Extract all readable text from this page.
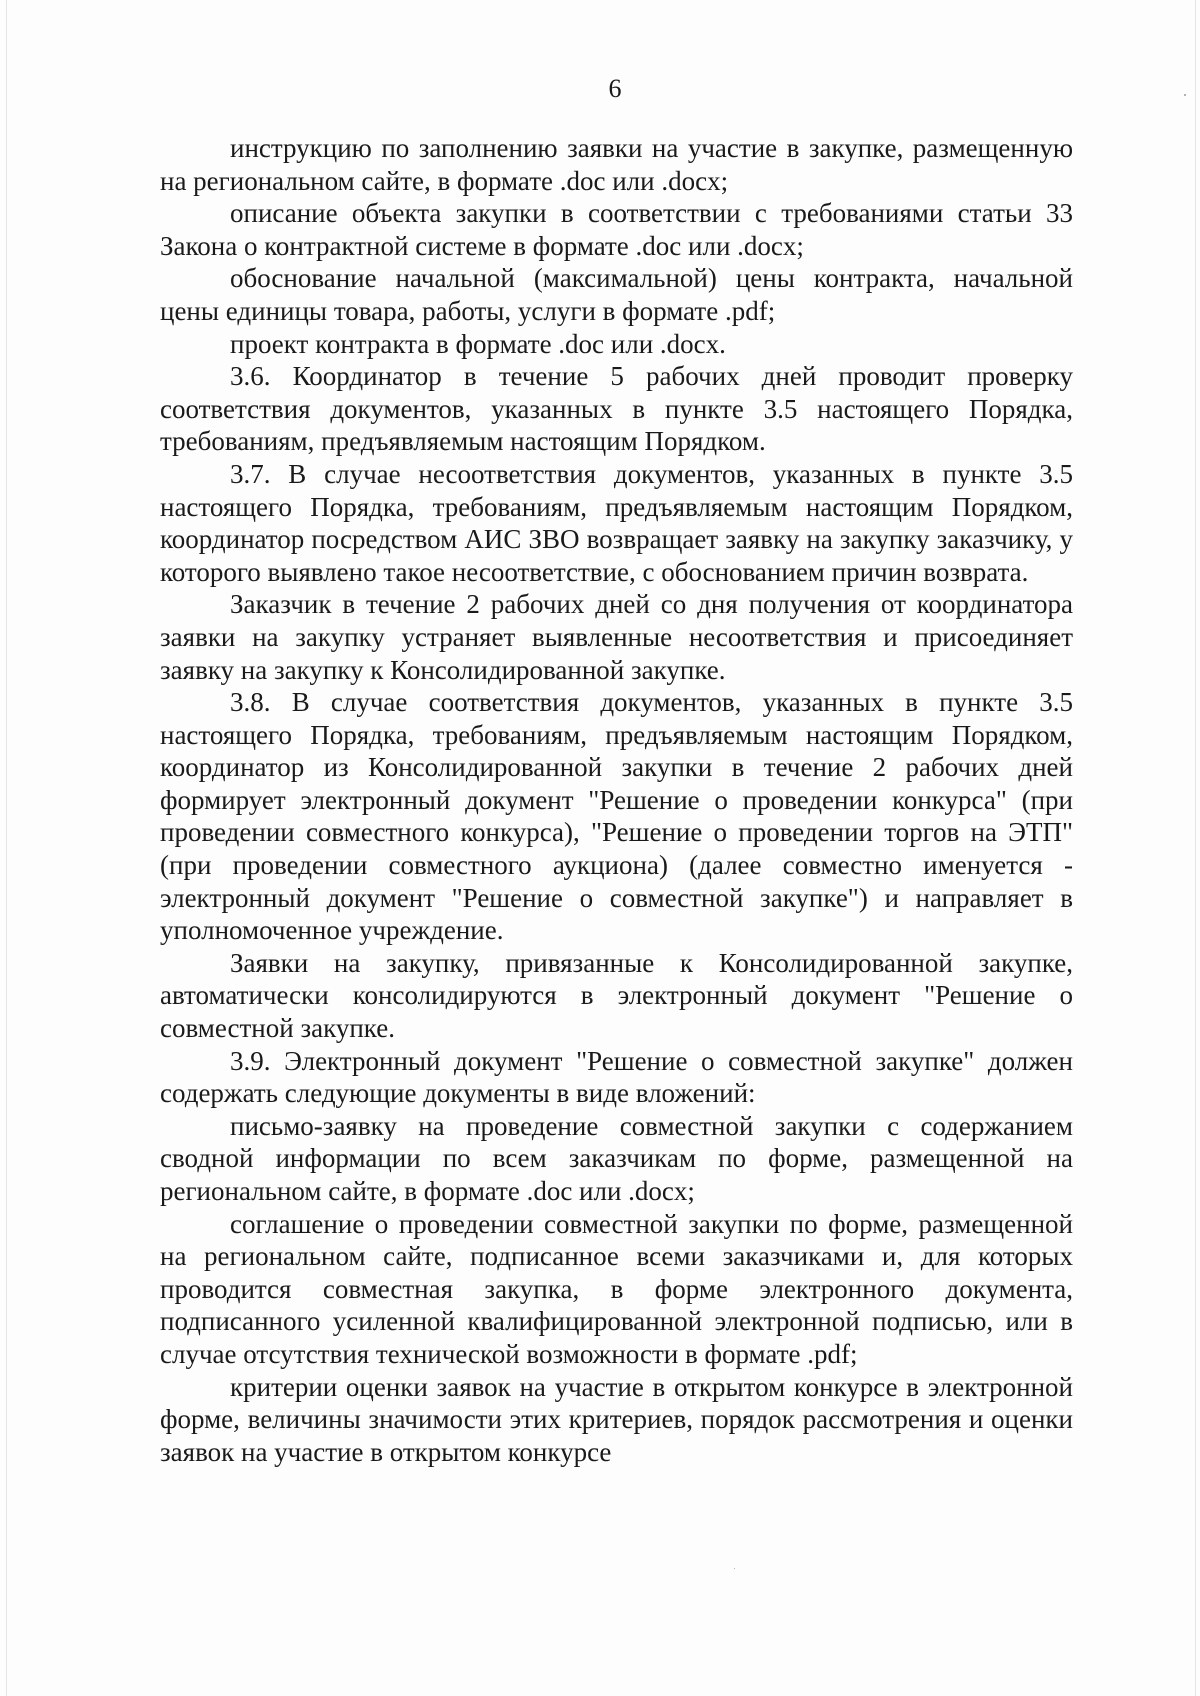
6

инструкцию по заполнению заявки на участие в закупке, размещенную на региональном сайте, в формате .doc или .docx;

описание объекта закупки в соответствии с требованиями статьи 33 Закона о контрактной системе в формате .doc или .docx;

обоснование начальной (максимальной) цены контракта, начальной цены единицы товара, работы, услуги в формате .pdf;

проект контракта в формате .doc или .docx.

3.6. Координатор в течение 5 рабочих дней проводит проверку соответствия документов, указанных в пункте 3.5 настоящего Порядка, требованиям, предъявляемым настоящим Порядком.

3.7. В случае несоответствия документов, указанных в пункте 3.5 настоящего Порядка, требованиям, предъявляемым настоящим Порядком, координатор посредством АИС ЗВО возвращает заявку на закупку заказчику, у которого выявлено такое несоответствие, с обоснованием причин возврата.

Заказчик в течение 2 рабочих дней со дня получения от координатора заявки на закупку устраняет выявленные несоответствия и присоединяет заявку на закупку к Консолидированной закупке.

3.8. В случае соответствия документов, указанных в пункте 3.5 настоящего Порядка, требованиям, предъявляемым настоящим Порядком, координатор из Консолидированной закупки в течение 2 рабочих дней формирует электронный документ "Решение о проведении конкурса" (при проведении совместного конкурса), "Решение о проведении торгов на ЭТП" (при проведении совместного аукциона) (далее совместно именуется - электронный документ "Решение о совместной закупке") и направляет в уполномоченное учреждение.

Заявки на закупку, привязанные к Консолидированной закупке, автоматически консолидируются в электронный документ "Решение о совместной закупке.

3.9. Электронный документ "Решение о совместной закупке" должен содержать следующие документы в виде вложений:

письмо-заявку на проведение совместной закупки с содержанием сводной информации по всем заказчикам по форме, размещенной на региональном сайте, в формате .doc или .docx;

соглашение о проведении совместной закупки по форме, размещенной на региональном сайте, подписанное всеми заказчиками и, для которых проводится совместная закупка, в форме электронного документа, подписанного усиленной квалифицированной электронной подписью, или в случае отсутствия технической возможности в формате .pdf;

критерии оценки заявок на участие в открытом конкурсе в электронной форме, величины значимости этих критериев, порядок рассмотрения и оценки заявок на участие в открытом конкурсе
